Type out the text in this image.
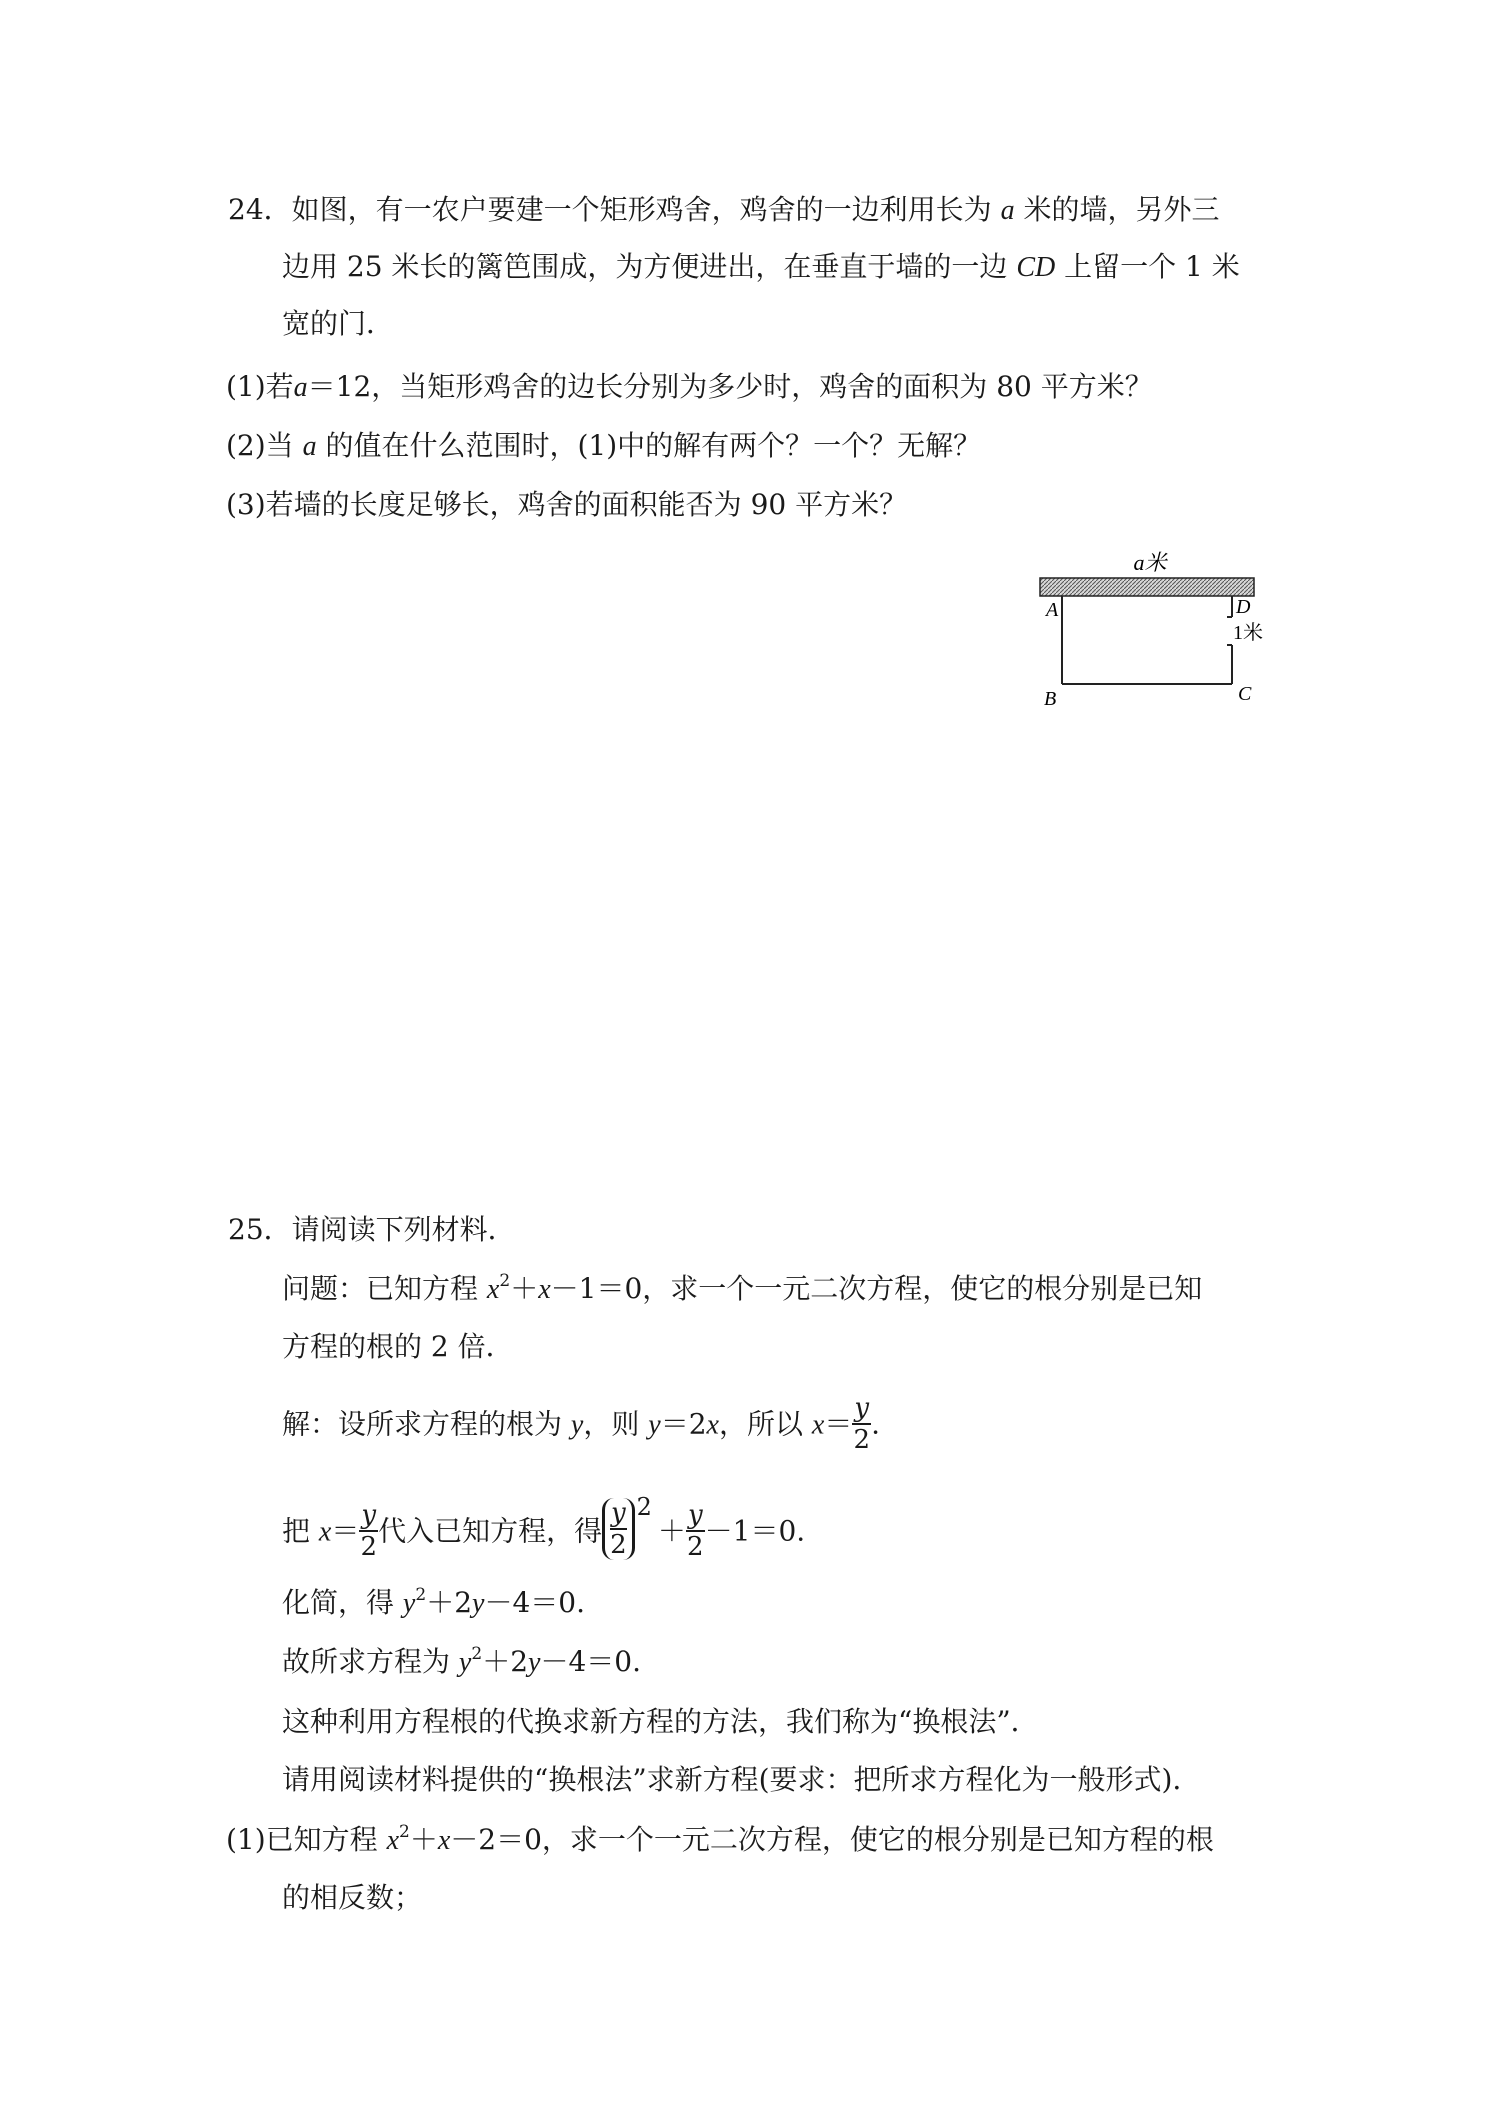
24．如图，有一农户要建一个矩形鸡舍，鸡舍的一边利用长为 a 米的墙，另外三
边用 25 米长的篱笆围成，为方便进出，在垂直于墙的一边 CD 上留一个 1 米
宽的门．
(1)若a＝12，当矩形鸡舍的边长分别为多少时，鸡舍的面积为 80 平方米？
(2)当 a 的值在什么范围时，(1)中的解有两个？一个？无解？
(3)若墙的长度足够长，鸡舍的面积能否为 90 平方米？
a米
A
B	C
D
1米
25．请阅读下列材料．
问题：已知方程 $x^2+x-1=0$，求一个一元二次方程，使它的根分别是已知
方程的根的 2 倍．
解：设所求方程的根为 y，则 y＝2x，所以 $x= \frac{y}{2}$ .
把 $x= \frac{y}{2}$ 代入已知方程，得 $\frac{y}{2} 2+ \frac{y}{2} -1=0$.
化简，得 $y^2+2y-4=0$.
故所求方程为 $y^2+2y-4=0$.
这种利用方程根的代换求新方程的方法，我们称为“换根法”．
请用阅读材料提供的“换根法”求新方程(要求：把所求方程化为一般形式)．
(1)已知方程 $x^2+x-2=0$，求一个一元二次方程，使它的根分别是已知方程的根
的相反数；
